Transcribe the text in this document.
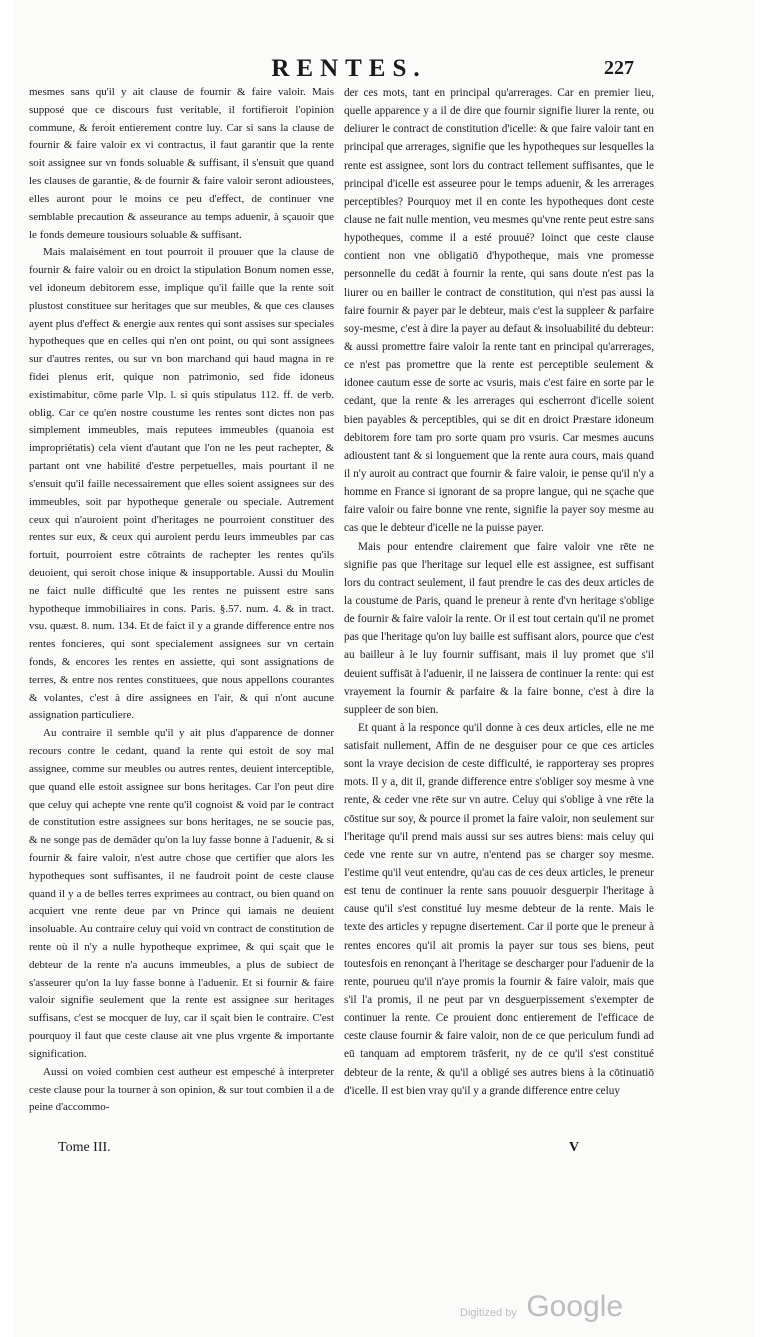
RENTES.	227

mesmes sans qu'il y ait clause de fournir & faire valoir. Mais supposé que ce discours fust veritable, il fortifieroit l'opinion commune, & feroit entierement contre luy. Car si sans la clause de fournir & faire valoir ex vi contractus, il faut garantir que la rente soit assignee sur vn fonds soluable & suffisant, il s'ensuit que quand les clauses de garantie, & de fournir & faire valoir seront adioustees, elles auront pour le moins ce peu d'effect, de continuer vne semblable precaution & asseurance au temps aduenir, à sçauoir que le fonds demeure tousiours soluable & suffisant.

Mais malaisément en tout pourroit il prouuer que la clause de fournir & faire valoir ou en droict la stipulation Bonum nomen esse, vel idoneum debitorem esse, implique qu'il faille que la rente soit plustost constituee sur heritages que sur meubles, & que ces clauses ayent plus d'effect & energie aux rentes qui sont assises sur speciales hypotheques que en celles qui n'en ont point, ou qui sont assignees sur d'autres rentes, ou sur vn bon marchand qui haud magna in re fidei plenus erit, quique non patrimonio, sed fide idoneus existimabitur, cōme parle Vlp. l. si quis stipulatus 112. ff. de verb. oblig. Car ce qu'en nostre coustume les rentes sont dictes non pas simplement immeubles, mais reputees immeubles (quanoia est impropriétatis) cela vient d'autant que l'on ne les peut rachepter, & partant ont vne habilité d'estre perpetuelles, mais pourtant il ne s'ensuit qu'il faille necessairement que elles soient assignees sur des immeubles, soit par hypotheque generale ou speciale. Autrement ceux qui n'auroient point d'heritages ne pourroient constituer des rentes sur eux, & ceux qui auroient perdu leurs immeubles par cas fortuit, pourroient estre cōtraints de rachepter les rentes qu'ils deuoient, qui seroit chose inique & insupportable. Aussi du Moulin ne faict nulle difficulté que les rentes ne puissent estre sans hypotheque immobiliaires in cons. Paris. §.57. num. 4. & in tract. vsu. quæst. 8. num. 134. Et de faict il y a grande difference entre nos rentes foncieres, qui sont specialement assignees sur vn certain fonds, & encores les rentes en assiette, qui sont assignations de terres, & entre nos rentes constituees, que nous appellons courantes & volantes, c'est à dire assignees en l'air, & qui n'ont aucune assignation particuliere.

Au contraire il semble qu'il y ait plus d'apparence de donner recours contre le cedant, quand la rente qui estoit de soy mal assignee, comme sur meubles ou autres rentes, deuient interceptible, que quand elle estoit assignee sur bons heritages. Car l'on peut dire que celuy qui achepte vne rente qu'il cognoist & void par le contract de constitution estre assignees sur bons heritages, ne se soucie pas, & ne songe pas de demāder qu'on la luy fasse bonne à l'aduenir, & si fournir & faire valoir, n'est autre chose que certifier que alors les hypotheques sont suffisantes, il ne faudroit point de ceste clause quand il y a de belles terres exprimees au contract, ou bien quand on acquiert vne rente deue par vn Prince qui iamais ne deuient insoluable. Au contraire celuy qui void vn contract de constitution de rente où il n'y a nulle hypotheque exprimee, & qui sçait que le debteur de la rente n'a aucuns immeubles, a plus de subiect de s'asseurer qu'on la luy fasse bonne à l'aduenir. Et si fournir & faire valoir signifie seulement que la rente est assignee sur heritages suffisans, c'est se mocquer de luy, car il sçait bien le contraire. C'est pourquoy il faut que ceste clause ait vne plus vrgente & importante signification.

Aussi on voied combien cest autheur est empesché à interpreter ceste clause pour la tourner à son opinion, & sur tout combien il a de peine d'accommo-

der ces mots, tant en principal qu'arrerages. Car en premier lieu, quelle apparence y a il de dire que fournir signifie liurer la rente, ou deliurer le contract de constitution d'icelle: & que faire valoir tant en principal que arrerages, signifie que les hypotheques sur lesquelles la rente est assignee, sont lors du contract tellement suffisantes, que le principal d'icelle est asseuree pour le temps aduenir, & les arrerages perceptibles? Pourquoy met il en conte les hypotheques dont ceste clause ne fait nulle mention, veu mesmes qu'vne rente peut estre sans hypotheques, comme il a esté prouué? Ioinct que ceste clause contient non vne obligatiō d'hypotheque, mais vne promesse personnelle du cedāt à fournir la rente, qui sans doute n'est pas la liurer ou en bailler le contract de constitution, qui n'est pas aussi la faire fournir & payer par le debteur, mais c'est la suppleer & parfaire soy-mesme, c'est à dire la payer au defaut & insoluabilité du debteur: & aussi promettre faire valoir la rente tant en principal qu'arrerages, ce n'est pas promettre que la rente est perceptible seulement & idonee cautum esse de sorte ac vsuris, mais c'est faire en sorte par le cedant, que la rente & les arrerages qui escherront d'icelle soient bien payables & perceptibles, qui se dit en droict Præstare idoneum debitorem fore tam pro sorte quam pro vsuris. Car mesmes aucuns adioustent tant & si longuement que la rente aura cours, mais quand il n'y auroit au contract que fournir & faire valoir, ie pense qu'il n'y a homme en France si ignorant de sa propre langue, qui ne sçache que faire valoir ou faire bonne vne rente, signifie la payer soy mesme au cas que le debteur d'icelle ne la puisse payer.

Mais pour entendre clairement que faire valoir vne rēte ne signifie pas que l'heritage sur lequel elle est assignee, est suffisant lors du contract seulement, il faut prendre le cas des deux articles de la coustume de Paris, quand le preneur à rente d'vn heritage s'oblige de fournir & faire valoir la rente. Or il est tout certain qu'il ne promet pas que l'heritage qu'on luy baille est suffisant alors, pource que c'est au bailleur à le luy fournir suffisant, mais il luy promet que s'il deuient suffisāt à l'aduenir, il ne laissera de continuer la rente: qui est vrayement la fournir & parfaire & la faire bonne, c'est à dire la suppleer de son bien.

Et quant à la responce qu'il donne à ces deux articles, elle ne me satisfait nullement, Affin de ne desguiser pour ce que ces articles sont la vraye decision de ceste difficulté, ie rapporteray ses propres mots. Il y a, dit il, grande difference entre s'obliger soy mesme à vne rente, & ceder vne rēte sur vn autre. Celuy qui s'oblige à vne rēte la cōstitue sur soy, & pource il promet la faire valoir, non seulement sur l'heritage qu'il prend mais aussi sur ses autres biens: mais celuy qui cede vne rente sur vn autre, n'entend pas se charger soy mesme. I'estime qu'il veut entendre, qu'au cas de ces deux articles, le preneur est tenu de continuer la rente sans pouuoir desguerpir l'heritage à cause qu'il s'est constitué luy mesme debteur de la rente. Mais le texte des articles y repugne disertement. Car il porte que le preneur à rentes encores qu'il ait promis la payer sur tous ses biens, peut toutesfois en renonçant à l'heritage se descharger pour l'aduenir de la rente, pourueu qu'il n'aye promis la fournir & faire valoir, mais que s'il l'a promis, il ne peut par vn desguerpissement s'exempter de continuer la rente. Ce prouient donc entierement de l'efficace de ceste clause fournir & faire valoir, non de ce que periculum fundi ad eū tanquam ad emptorem trāsferit, ny de ce qu'il s'est constitué debteur de la rente, & qu'il a obligé ses autres biens à la cōtinuatiō d'icelle. Il est bien vray qu'il y a grande difference entre celuy

Tome III.	V
Digitized by Google
